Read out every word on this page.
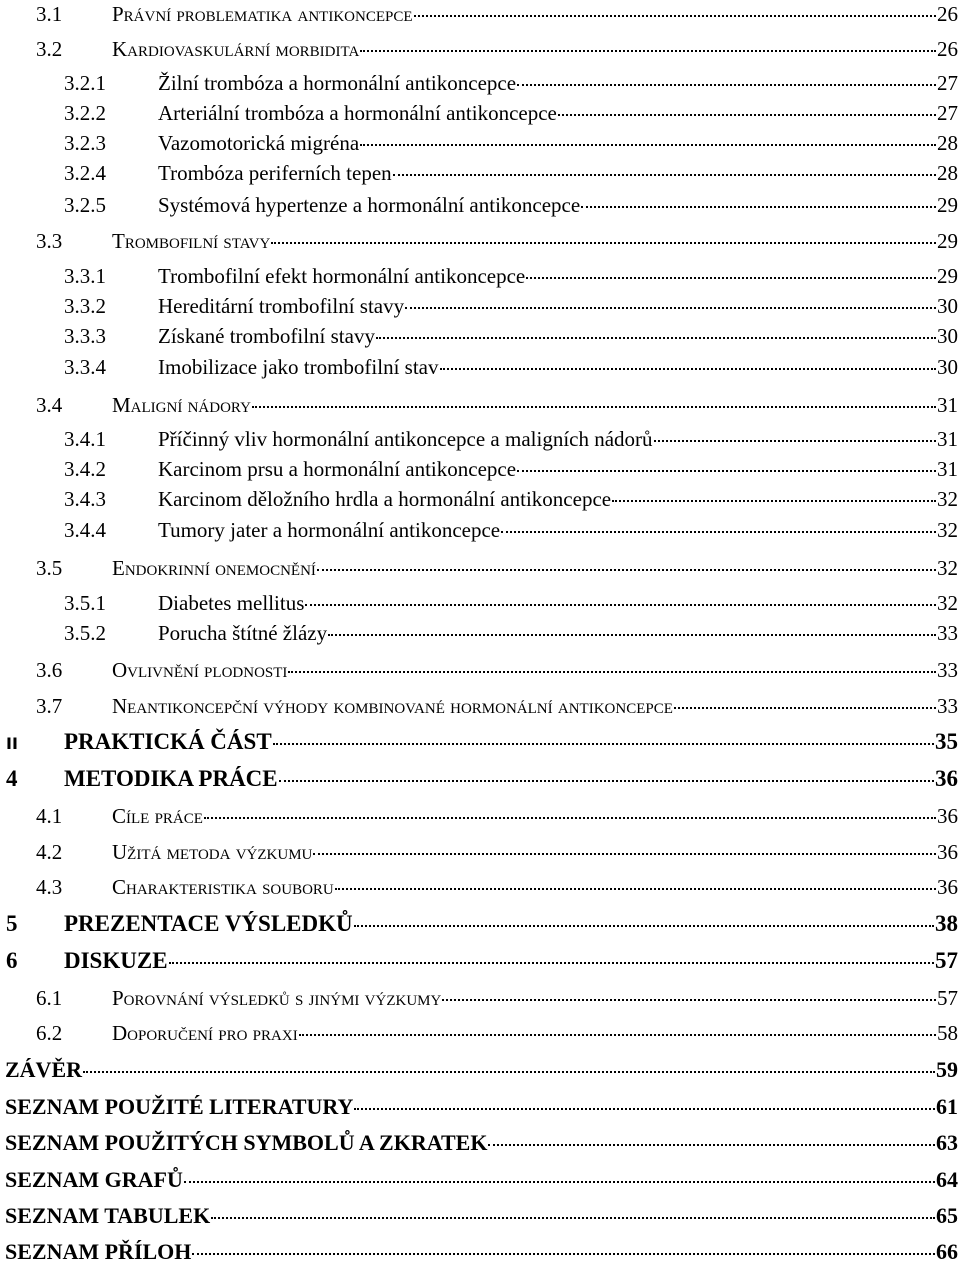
3.1	Právní problematika antikoncepce	26
3.2	Kardiovaskulární morbidita	26
3.2.1 Žilní trombóza a hormonální antikoncepce	27
3.2.2 Arteriální trombóza a hormonální antikoncepce	27
3.2.3 Vazomotorická migréna	28
3.2.4 Trombóza periferních tepen	28
3.2.5 Systémová hypertenze a hormonální antikoncepce	29
3.3	Trombofilní stavy	29
3.3.1 Trombofilní efekt hormonální antikoncepce	29
3.3.2 Hereditární trombofilní stavy	30
3.3.3 Získané trombofilní stavy	30
3.3.4 Imobilizace jako trombofilní stav	30
3.4	Maligní nádory	31
3.4.1 Příčinný vliv hormonální antikoncepce a maligních nádorů	31
3.4.2 Karcinom prsu a hormonální antikoncepce	31
3.4.3 Karcinom děložního hrdla a hormonální antikoncepce	32
3.4.4 Tumory jater a hormonální antikoncepce	32
3.5	Endokrinní onemocnění	32
3.5.1 Diabetes mellitus	32
3.5.2 Porucha štítné žlázy	33
3.6	Ovlivnění plodnosti	33
3.7	Neantikoncepční výhody kombinované hormonální antikoncepce	33
II	PRAKTICKÁ ČÁST	35
4	METODIKA PRÁCE	36
4.1	Cíle práce	36
4.2	Užitá metoda výzkumu	36
4.3	Charakteristika souboru	36
5	PREZENTACE VÝSLEDKŮ	38
6	DISKUZE	57
6.1	Porovnání výsledků s jinými výzkumy	57
6.2	Doporučení pro praxi	58
ZÁVĚR	59
SEZNAM POUŽITÉ LITERATURY	61
SEZNAM POUŽITÝCH SYMBOLŮ A ZKRATEK	63
SEZNAM GRAFŮ	64
SEZNAM TABULEK	65
SEZNAM PŘÍLOH	66
